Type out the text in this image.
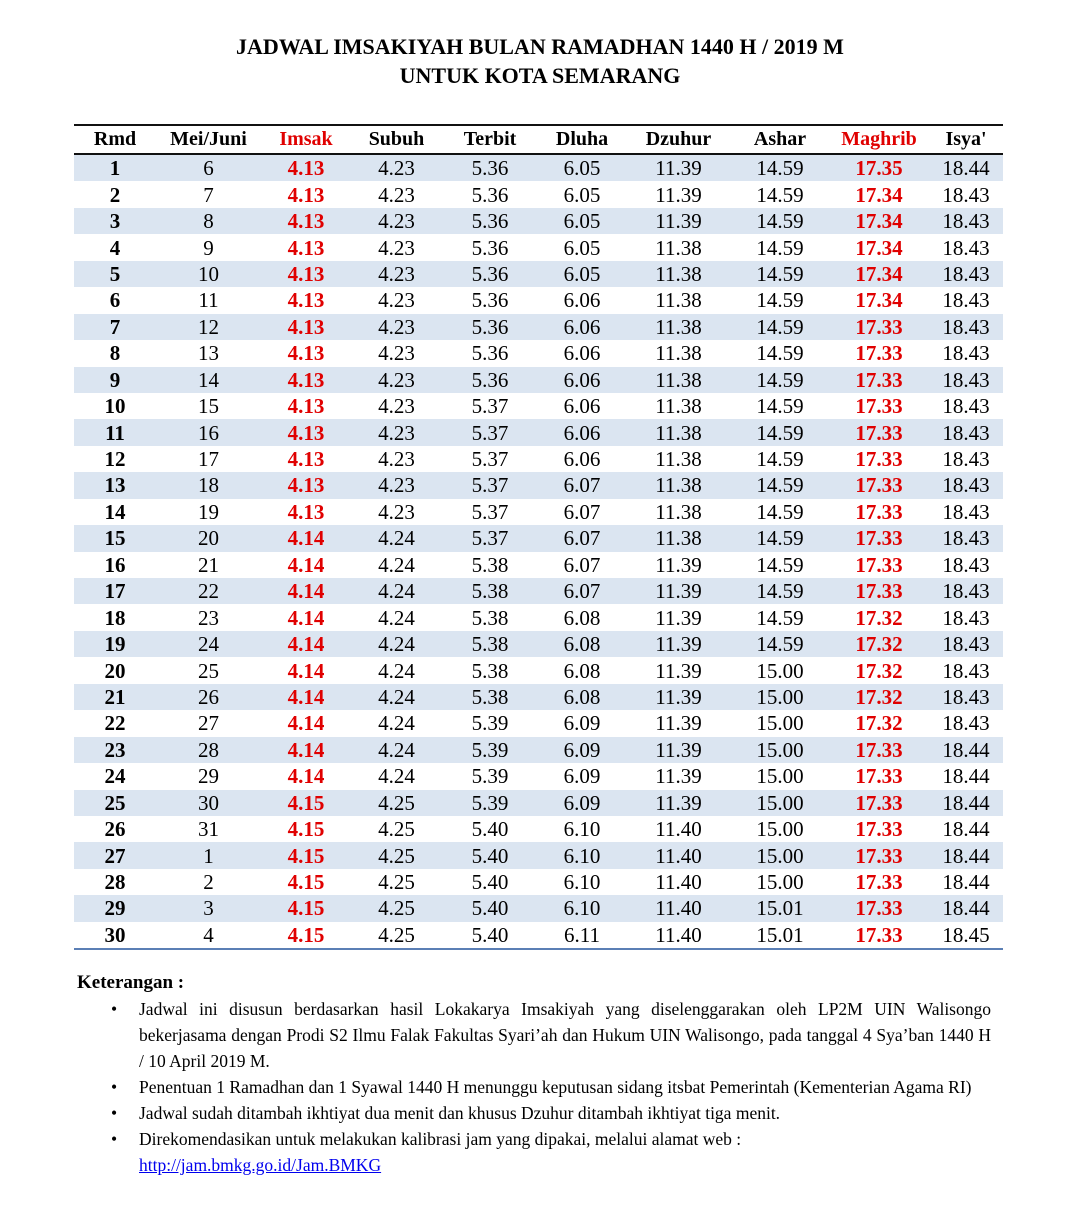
JADWAL IMSAKIYAH BULAN RAMADHAN 1440 H / 2019 M
UNTUK KOTA SEMARANG
Rmd	Mei/Juni	Imsak	Subuh	Terbit	Dluha	Dzuhur	Ashar	Maghrib	Isya'
1	6	4.13	4.23	5.36	6.05	11.39	14.59	17.35	18.44
2	7	4.13	4.23	5.36	6.05	11.39	14.59	17.34	18.43
3	8	4.13	4.23	5.36	6.05	11.39	14.59	17.34	18.43
4	9	4.13	4.23	5.36	6.05	11.38	14.59	17.34	18.43
5	10	4.13	4.23	5.36	6.05	11.38	14.59	17.34	18.43
6	11	4.13	4.23	5.36	6.06	11.38	14.59	17.34	18.43
7	12	4.13	4.23	5.36	6.06	11.38	14.59	17.33	18.43
8	13	4.13	4.23	5.36	6.06	11.38	14.59	17.33	18.43
9	14	4.13	4.23	5.36	6.06	11.38	14.59	17.33	18.43
10	15	4.13	4.23	5.37	6.06	11.38	14.59	17.33	18.43
11	16	4.13	4.23	5.37	6.06	11.38	14.59	17.33	18.43
12	17	4.13	4.23	5.37	6.06	11.38	14.59	17.33	18.43
13	18	4.13	4.23	5.37	6.07	11.38	14.59	17.33	18.43
14	19	4.13	4.23	5.37	6.07	11.38	14.59	17.33	18.43
15	20	4.14	4.24	5.37	6.07	11.38	14.59	17.33	18.43
16	21	4.14	4.24	5.38	6.07	11.39	14.59	17.33	18.43
17	22	4.14	4.24	5.38	6.07	11.39	14.59	17.33	18.43
18	23	4.14	4.24	5.38	6.08	11.39	14.59	17.32	18.43
19	24	4.14	4.24	5.38	6.08	11.39	14.59	17.32	18.43
20	25	4.14	4.24	5.38	6.08	11.39	15.00	17.32	18.43
21	26	4.14	4.24	5.38	6.08	11.39	15.00	17.32	18.43
22	27	4.14	4.24	5.39	6.09	11.39	15.00	17.32	18.43
23	28	4.14	4.24	5.39	6.09	11.39	15.00	17.33	18.44
24	29	4.14	4.24	5.39	6.09	11.39	15.00	17.33	18.44
25	30	4.15	4.25	5.39	6.09	11.39	15.00	17.33	18.44
26	31	4.15	4.25	5.40	6.10	11.40	15.00	17.33	18.44
27	1	4.15	4.25	5.40	6.10	11.40	15.00	17.33	18.44
28	2	4.15	4.25	5.40	6.10	11.40	15.00	17.33	18.44
29	3	4.15	4.25	5.40	6.10	11.40	15.01	17.33	18.44
30	4	4.15	4.25	5.40	6.11	11.40	15.01	17.33	18.45
Keterangan :
• Jadwal ini disusun berdasarkan hasil Lokakarya Imsakiyah yang diselenggarakan oleh LP2M UIN Walisongo bekerjasama dengan Prodi S2 Ilmu Falak Fakultas Syari’ah dan Hukum UIN Walisongo, pada tanggal 4 Sya’ban 1440 H / 10 April 2019 M.
• Penentuan 1 Ramadhan dan 1 Syawal 1440 H menunggu keputusan sidang itsbat Pemerintah (Kementerian Agama RI)
• Jadwal sudah ditambah ikhtiyat dua menit dan khusus Dzuhur ditambah ikhtiyat tiga menit.
• Direkomendasikan untuk melakukan kalibrasi jam yang dipakai, melalui alamat web :
http://jam.bmkg.go.id/Jam.BMKG
